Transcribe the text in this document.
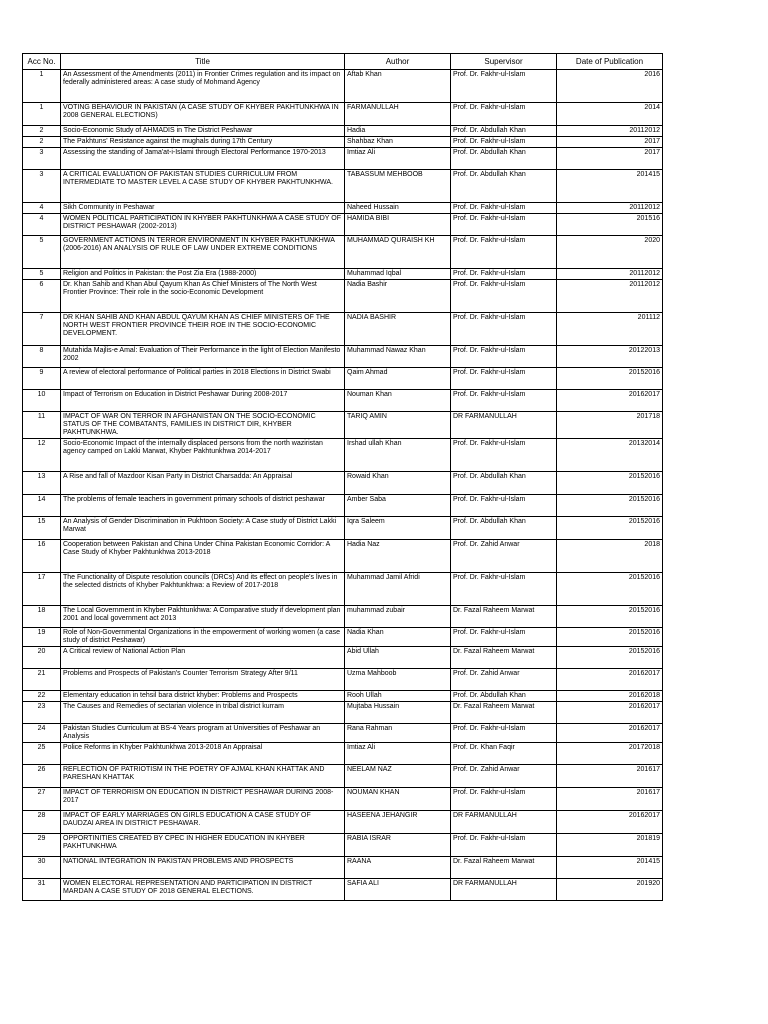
Acc No.	Title	Author	Supervisor	Date of Publication
1	An Assessment of the Amendments (2011) in Frontier Crimes regulation and its impact on federally administered areas: A case study of Mohmand Agency	Aftab Khan	Prof. Dr. Fakhr-ul-Islam	2016
1	VOTING BEHAVIOUR IN PAKISTAN (A CASE STUDY OF KHYBER PAKHTUNKHWA IN 2008 GENERAL ELECTIONS)	FARMANULLAH	Prof. Dr. Fakhr-ul-Islam	2014
2	Socio-Economic Study of AHMADIS in The District Peshawar	Hadia	Prof. Dr. Abdullah Khan	20112012
2	The Pakhtuns' Resistance against the mughals during 17th Century	Shahbaz Khan	Prof. Dr. Fakhr-ul-Islam	2017
3	Assessing the standing of Jama'at-i-Islami through Electoral Performance 1970-2013	Imtiaz Ali	Prof. Dr. Abdullah Khan	2017
3	A CRITICAL EVALUATION OF PAKISTAN STUDIES CURRICULUM FROM INTERMEDIATE TO MASTER LEVEL A CASE STUDY OF KHYBER PAKHTUNKHWA.	TABASSUM MEHBOOB	Prof. Dr. Abdullah Khan	201415
4	Sikh Community in Peshawar	Naheed Hussain	Prof. Dr. Fakhr-ul-Islam	20112012
4	WOMEN POLITICAL PARTICIPATION IN KHYBER PAKHTUNKHWA A CASE STUDY OF DISTRICT PESHAWAR (2002-2013)	HAMIDA BIBI	Prof. Dr. Fakhr-ul-Islam	201516
5	GOVERNMENT ACTIONS IN TERROR ENVIRONMENT IN KHYBER PAKHTUNKHWA (2006-2016) AN ANALYSIS OF RULE OF LAW UNDER EXTREME CONDITIONS	MUHAMMAD QURAISH KH	Prof. Dr. Fakhr-ul-Islam	2020
5	Religion and Politics in Pakistan: the Post Zia Era (1988-2000)	Muhammad Iqbal	Prof. Dr. Fakhr-ul-Islam	20112012
6	Dr. Khan Sahib and Khan Abul Qayum Khan As Chief Ministers of The North West Frontier Province: Their role in the socio-Economic Development	Nadia Bashir	Prof. Dr. Fakhr-ul-Islam	20112012
7	DR KHAN SAHIB AND KHAN ABDUL QAYUM KHAN AS CHIEF MINISTERS OF THE NORTH WEST FRONTIER PROVINCE THEIR ROE IN THE SOCIO-ECONOMIC DEVELOPMENT.	NADIA BASHIR	Prof. Dr. Fakhr-ul-Islam	201112
8	Mutahida Majlis-e Amal: Evaluation of Their Performance in the light of Election Manifesto 2002	Muhammad Nawaz Khan	Prof. Dr. Fakhr-ul-Islam	20122013
9	A review of electoral performance of Political parties in 2018 Elections in District Swabi	Qaim Ahmad	Prof. Dr. Fakhr-ul-Islam	20152016
10	Impact of Terrorism on Education in District Peshawar During 2008-2017	Nouman Khan	Prof. Dr. Fakhr-ul-Islam	20162017
11	IMPACT OF WAR ON TERROR IN AFGHANISTAN ON THE SOCIO-ECONOMIC STATUS OF THE COMBATANTS, FAMILIES IN DISTRICT DIR, KHYBER PAKHTUNKHWA.	TARIQ AMIN	DR FARMANULLAH	201718
12	Socio-Economic Impact of the internally displaced persons from the north waziristan agency camped on Lakki Marwat, Khyber Pakhtunkhwa 2014-2017	Irshad ullah Khan	Prof. Dr. Fakhr-ul-Islam	20132014
13	A Rise and fall of Mazdoor Kisan Party in District Charsadda: An Appraisal	Rowaid Khan	Prof. Dr. Abdullah Khan	20152016
14	The problems of female teachers in government primary schools of district peshawar	Amber Saba	Prof. Dr. Fakhr-ul-Islam	20152016
15	An Analysis of Gender Discrimination in Pukhtoon Society: A Case study of District Lakki Marwat	Iqra Saleem	Prof. Dr. Abdullah Khan	20152016
16	Cooperation between Pakistan and China Under China Pakistan Economic Corridor: A Case Study of Khyber Pakhtunkhwa 2013-2018	Hadia Naz	Prof. Dr. Zahid Anwar	2018
17	The Functionality of Dispute resolution councils (DRCs) And its effect on people's lives in the selected districts of Khyber Pakhtunkhwa: a Review of 2017-2018	Muhammad Jamil Afridi	Prof. Dr. Fakhr-ul-Islam	20152016
18	The Local Government in Khyber Pakhtunkhwa: A Comparative study if development plan 2001 and local government act 2013	muhammad zubair	Dr. Fazal Raheem Marwat	20152016
19	Role of Non-Governmental Organizations in the empowerment of working women (a case study of district Peshawar)	Nadia Khan	Prof. Dr. Fakhr-ul-Islam	20152016
20	A Critical review of National Action Plan	Abid Ullah	Dr. Fazal Raheem Marwat	20152016
21	Problems and Prospects of Pakistan's Counter Terrorism Strategy After 9/11	Uzma Mahboob	Prof. Dr. Zahid Anwar	20162017
22	Elementary education in tehsil bara district khyber: Problems and Prospects	Rooh Ullah	Prof. Dr. Abdullah Khan	20162018
23	The Causes and Remedies of sectarian violence in tribal district kurram	Mujtaba Hussain	Dr. Fazal Raheem Marwat	20162017
24	Pakistan Studies Curriculum at BS-4 Years program at Universities of Peshawar an Analysis	Rana Rahman	Prof. Dr. Fakhr-ul-Islam	20162017
25	Police Reforms in Khyber Pakhtunkhwa 2013-2018 An Appraisal	Imtiaz Ali	Prof. Dr. Khan Faqir	20172018
26	REFLECTION OF PATRIOTISM IN THE POETRY OF AJMAL KHAN KHATTAK AND PARESHAN KHATTAK	NEELAM NAZ	Prof. Dr. Zahid Anwar	201617
27	IMPACT OF TERRORISM ON EDUCATION IN DISTRICT PESHAWAR DURING 2008-2017	NOUMAN KHAN	Prof. Dr. Fakhr-ul-Islam	201617
28	IMPACT OF EARLY MARRIAGES ON GIRLS EDUCATION A CASE STUDY OF DAUDZAI AREA IN DISTRICT PESHAWAR.	HASEENA JEHANGIR	DR FARMANULLAH	20162017
29	OPPORTINITIES CREATED BY CPEC IN HIGHER EDUCATION IN KHYBER PAKHTUNKHWA	RABIA ISRAR	Prof. Dr. Fakhr-ul-Islam	201819
30	NATIONAL INTEGRATION IN PAKISTAN PROBLEMS AND PROSPECTS	RAANA	Dr. Fazal Raheem Marwat	201415
31	WOMEN ELECTORAL REPRESENTATION AND PARTICIPATION IN DISTRICT MARDAN A CASE STUDY OF 2018 GENERAL ELECTIONS.	SAFIA ALI	DR FARMANULLAH	201920
